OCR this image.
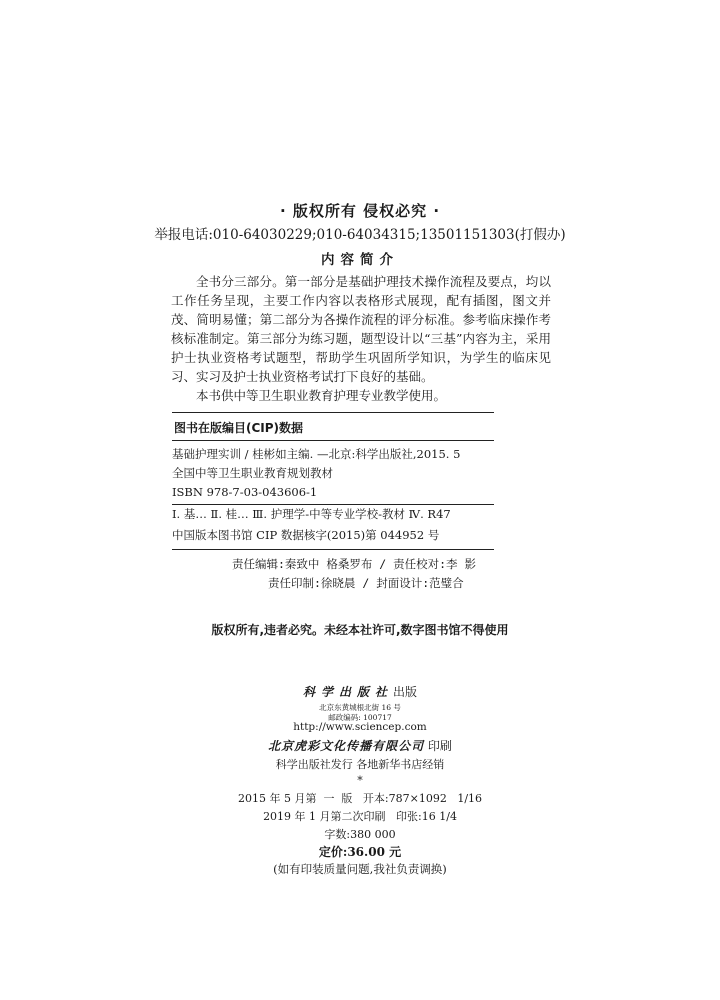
· 版权所有 侵权必究 ·
举报电话:010-64030229;010-64034315;13501151303(打假办)
内容简介

全书分三部分。第一部分是基础护理技术操作流程及要点，均以工作任务呈现，主要工作内容以表格形式展现，配有插图，图文并茂、简明易懂；第二部分为各操作流程的评分标准。参考临床操作考核标准制定。第三部分为练习题，题型设计以“三基”内容为主，采用护士执业资格考试题型，帮助学生巩固所学知识，为学生的临床见习、实习及护士执业资格考试打下良好的基础。

本书供中等卫生职业教育护理专业教学使用。

图书在版编目(CIP)数据
基础护理实训 / 桂彬如主编. —北京:科学出版社,2015. 5
全国中等卫生职业教育规划教材
ISBN 978-7-03-043606-1
Ⅰ. 基… Ⅱ. 桂… Ⅲ. 护理学-中等专业学校-教材 Ⅳ. R47
中国版本图书馆 CIP 数据核字(2015)第 044952 号
责任编辑:秦致中 格桑罗布 / 责任校对:李 影
责任印制:徐晓晨 / 封面设计:范璧合
版权所有,违者必究。未经本社许可,数字图书馆不得使用
科学出版社出版
北京东黄城根北街 16 号
邮政编码: 100717
http://www.sciencep.com
北京虎彩文化传播有限公司 印刷
科学出版社发行 各地新华书店经销
*
2015 年 5 月第  一  版   开本:787×1092   1/16
2019 年 1 月第二次印刷   印张:16 1/4
字数:380 000
定价:36.00 元
(如有印装质量问题,我社负责调换)
